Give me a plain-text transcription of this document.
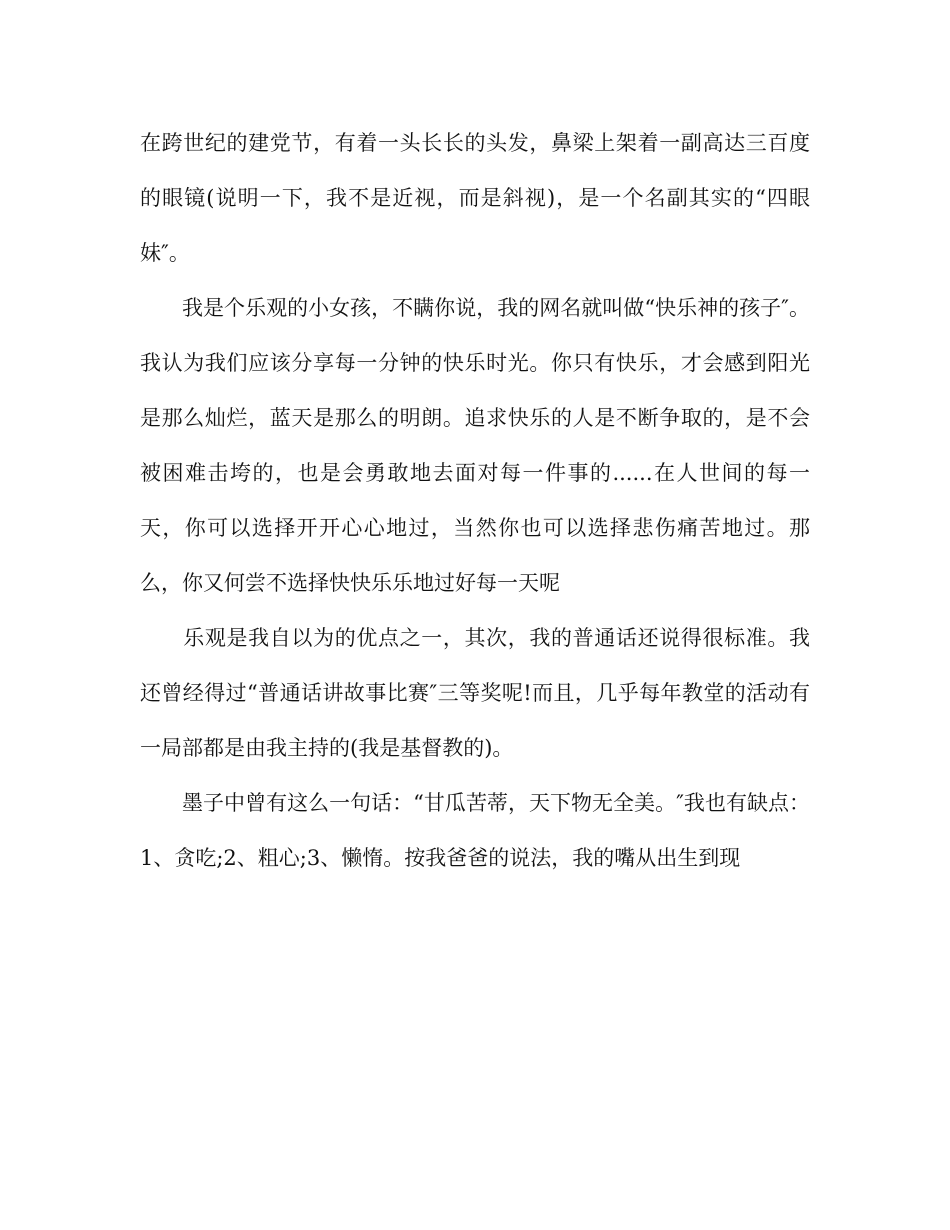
在跨世纪的建党节，有着一头长长的头发，鼻梁上架着一副高达三百度的眼镜(说明一下，我不是近视，而是斜视)，是一个名副其实的“四眼妹″。

　　我是个乐观的小女孩，不瞒你说，我的网名就叫做“快乐神的孩子″。我认为我们应该分享每一分钟的快乐时光。你只有快乐，才会感到阳光是那么灿烂，蓝天是那么的明朗。追求快乐的人是不断争取的，是不会被困难击垮的，也是会勇敢地去面对每一件事的......在人世间的每一天，你可以选择开开心心地过，当然你也可以选择悲伤痛苦地过。那么，你又何尝不选择快快乐乐地过好每一天呢

　　乐观是我自以为的优点之一，其次，我的普通话还说得很标准。我还曾经得过“普通话讲故事比赛″三等奖呢!而且，几乎每年教堂的活动有一局部都是由我主持的(我是基督教的)。

　　墨子中曾有这么一句话：“甘瓜苦蒂，天下物无全美。″我也有缺点：1、贪吃;2、粗心;3、懒惰。按我爸爸的说法，我的嘴从出生到现
